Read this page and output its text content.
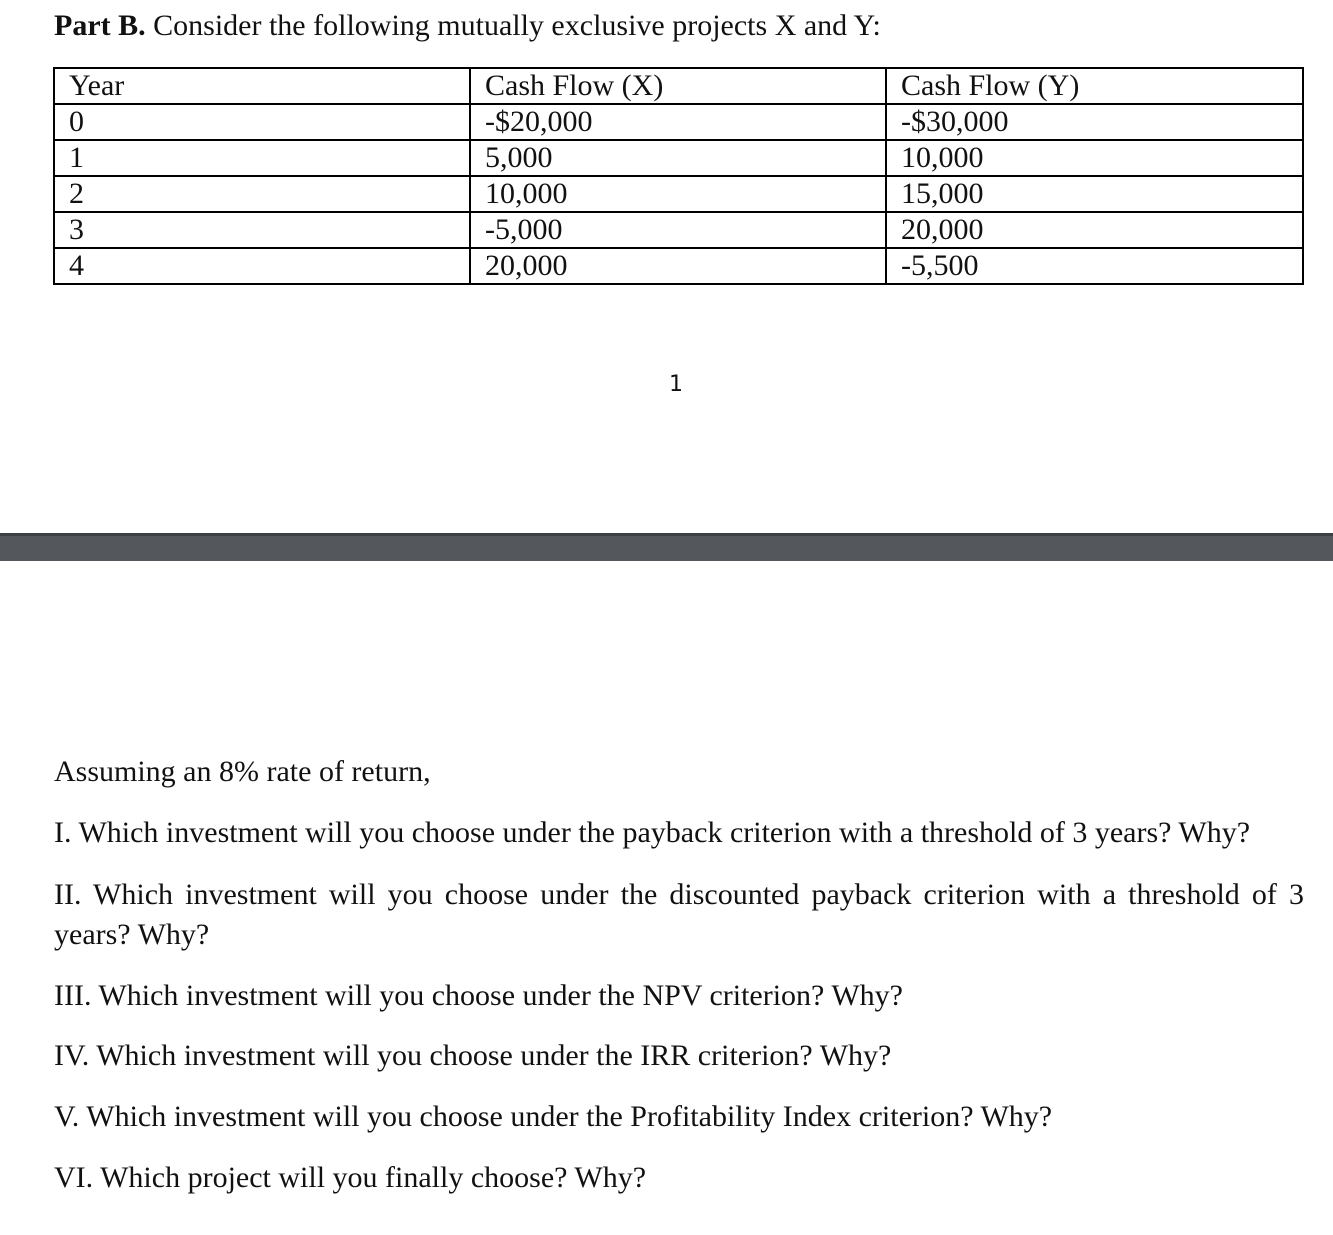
Part B. Consider the following mutually exclusive projects X and Y:
Year	Cash Flow (X)	Cash Flow (Y)
0	-$20,000	-$30,000
1	5,000	10,000
2	10,000	15,000
3	-5,000	20,000
4	20,000	-5,500
1
Assuming an 8% rate of return,
I. Which investment will you choose under the payback criterion with a threshold of 3 years? Why?
II. Which investment will you choose under the discounted payback criterion with a threshold of 3 years? Why?
III. Which investment will you choose under the NPV criterion? Why?
IV. Which investment will you choose under the IRR criterion? Why?
V. Which investment will you choose under the Profitability Index criterion? Why?
VI. Which project will you finally choose? Why?
